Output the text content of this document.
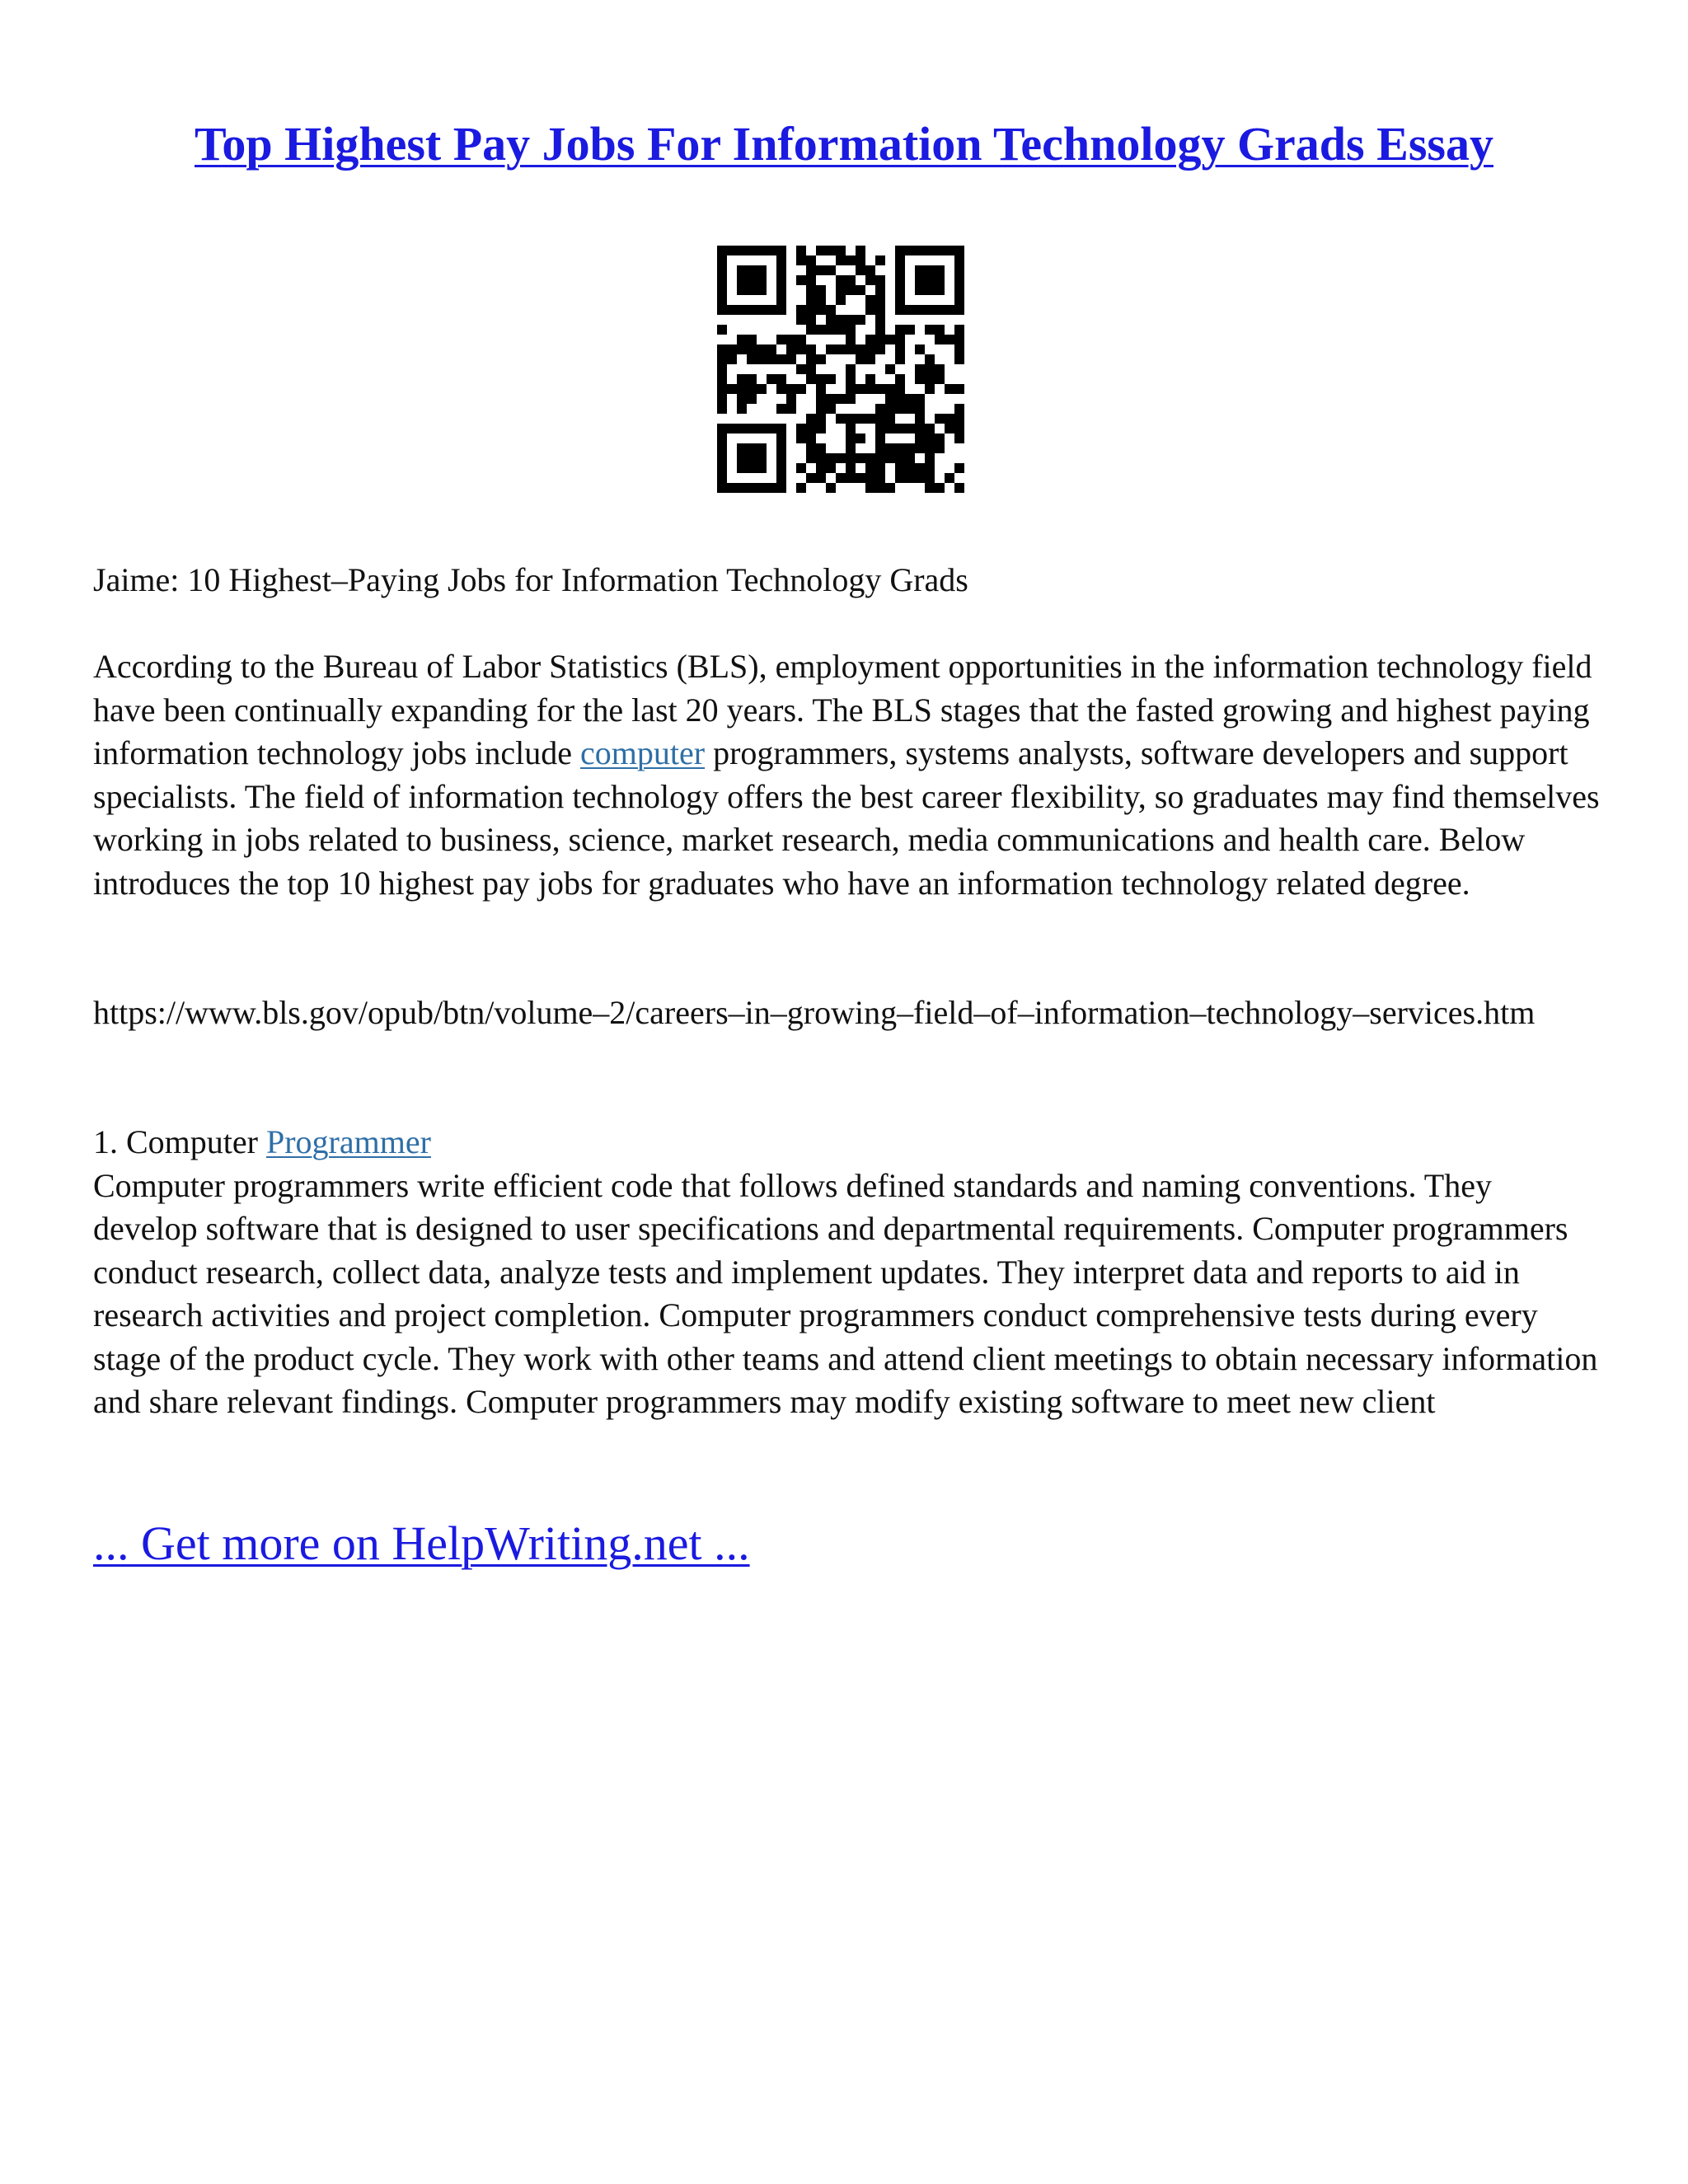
Top Highest Pay Jobs For Information Technology Grads Essay
Jaime: 10 Highest–Paying Jobs for Information Technology Grads

According to the Bureau of Labor Statistics (BLS), employment opportunities in the information technology field have been continually expanding for the last 20 years. The BLS stages that the fasted growing and highest paying information technology jobs include computer programmers, systems analysts, software developers and support specialists. The field of information technology offers the best career flexibility, so graduates may find themselves working in jobs related to business, science, market research, media communications and health care. Below introduces the top 10 highest pay jobs for graduates who have an information technology related degree.

https://www.bls.gov/opub/btn/volume–2/careers–in–growing–field–of–information–technology–services.htm

1. Computer Programmer

Computer programmers write efficient code that follows defined standards and naming conventions. They develop software that is designed to user specifications and departmental requirements. Computer programmers conduct research, collect data, analyze tests and implement updates. They interpret data and reports to aid in research activities and project completion. Computer programmers conduct comprehensive tests during every stage of the product cycle. They work with other teams and attend client meetings to obtain necessary information and share relevant findings. Computer programmers may modify existing software to meet new client

... Get more on HelpWriting.net ...
